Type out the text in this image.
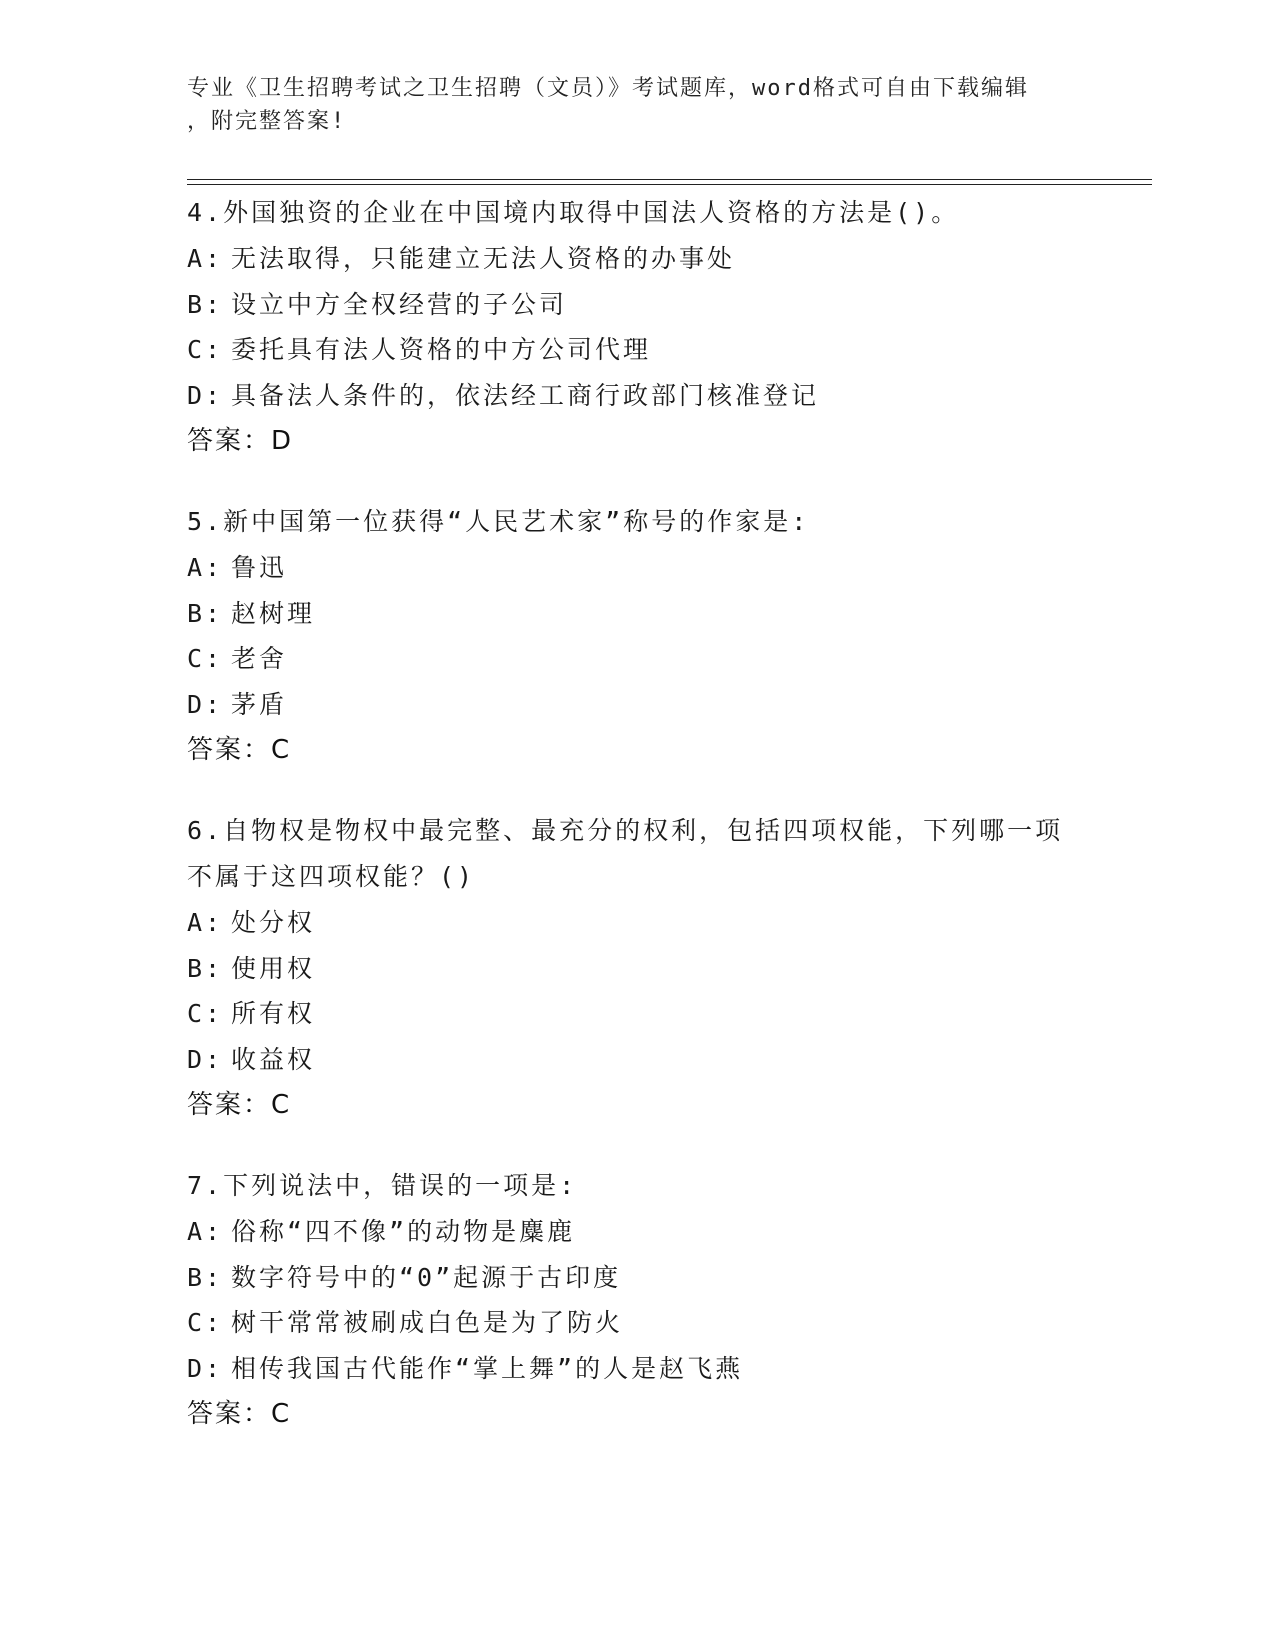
专业《卫生招聘考试之卫生招聘（文员）》考试题库，word格式可自由下载编辑
，附完整答案!

4.外国独资的企业在中国境内取得中国法人资格的方法是()。

A: 无法取得，只能建立无法人资格的办事处

B: 设立中方全权经营的子公司

C: 委托具有法人资格的中方公司代理

D: 具备法人条件的，依法经工商行政部门核准登记

答案：D

5.新中国第一位获得“人民艺术家”称号的作家是:

A: 鲁迅

B: 赵树理

C: 老舍

D: 茅盾

答案：C

6.自物权是物权中最完整、最充分的权利，包括四项权能，下列哪一项不属于这四项权能？()

A: 处分权

B: 使用权

C: 所有权

D: 收益权

答案：C

7.下列说法中，错误的一项是:

A: 俗称“四不像”的动物是麋鹿

B: 数字符号中的“0”起源于古印度

C: 树干常常被刷成白色是为了防火

D: 相传我国古代能作“掌上舞”的人是赵飞燕

答案：C
